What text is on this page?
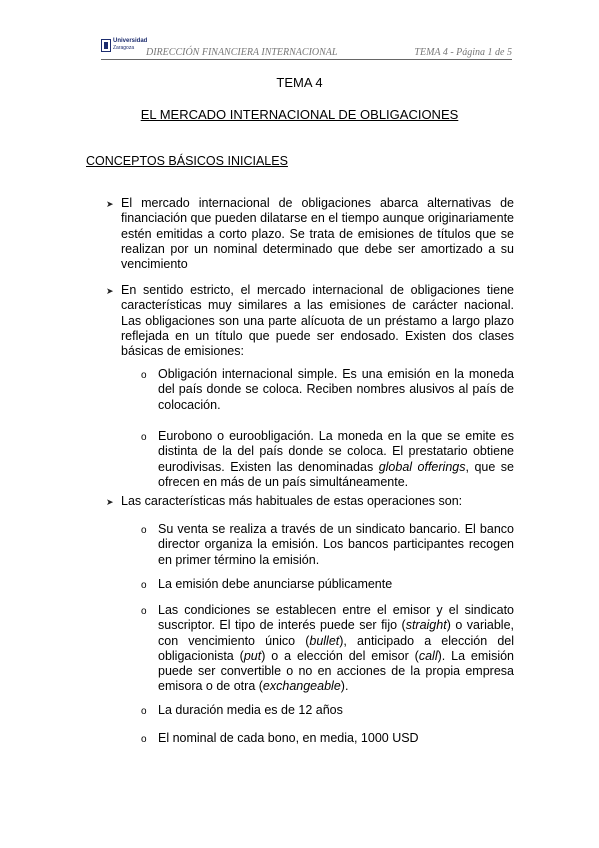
Universidad
Zaragoza DIRECCIÓN FINANCIERA INTERNACIONAL	TEMA 4 - Página 1 de 5
TEMA 4
EL MERCADO INTERNACIONAL DE OBLIGACIONES
CONCEPTOS BÁSICOS INICIALES
➤ El mercado internacional de obligaciones abarca alternativas de financiación que pueden dilatarse en el tiempo aunque originariamente estén emitidas a corto plazo. Se trata de emisiones de títulos que se realizan por un nominal determinado que debe ser amortizado a su vencimiento
➤ En sentido estricto, el mercado internacional de obligaciones tiene características muy similares a las emisiones de carácter nacional. Las obligaciones son una parte alícuota de un préstamo a largo plazo reflejada en un título que puede ser endosado. Existen dos clases básicas de emisiones:
o Obligación internacional simple. Es una emisión en la moneda del país donde se coloca. Reciben nombres alusivos al país de colocación.
o Eurobono o euroobligación. La moneda en la que se emite es distinta de la del país donde se coloca. El prestatario obtiene eurodivisas. Existen las denominadas global offerings, que se ofrecen en más de un país simultáneamente.
➤ Las características más habituales de estas operaciones son:
o Su venta se realiza a través de un sindicato bancario. El banco director organiza la emisión. Los bancos participantes recogen en primer término la emisión.
o La emisión debe anunciarse públicamente
o Las condiciones se establecen entre el emisor y el sindicato suscriptor. El tipo de interés puede ser fijo (straight) o variable, con vencimiento único (bullet), anticipado a elección del obligacionista (put) o a elección del emisor (call). La emisión puede ser convertible o no en acciones de la propia empresa emisora o de otra (exchangeable).
o La duración media es de 12 años
o El nominal de cada bono, en media, 1000 USD
